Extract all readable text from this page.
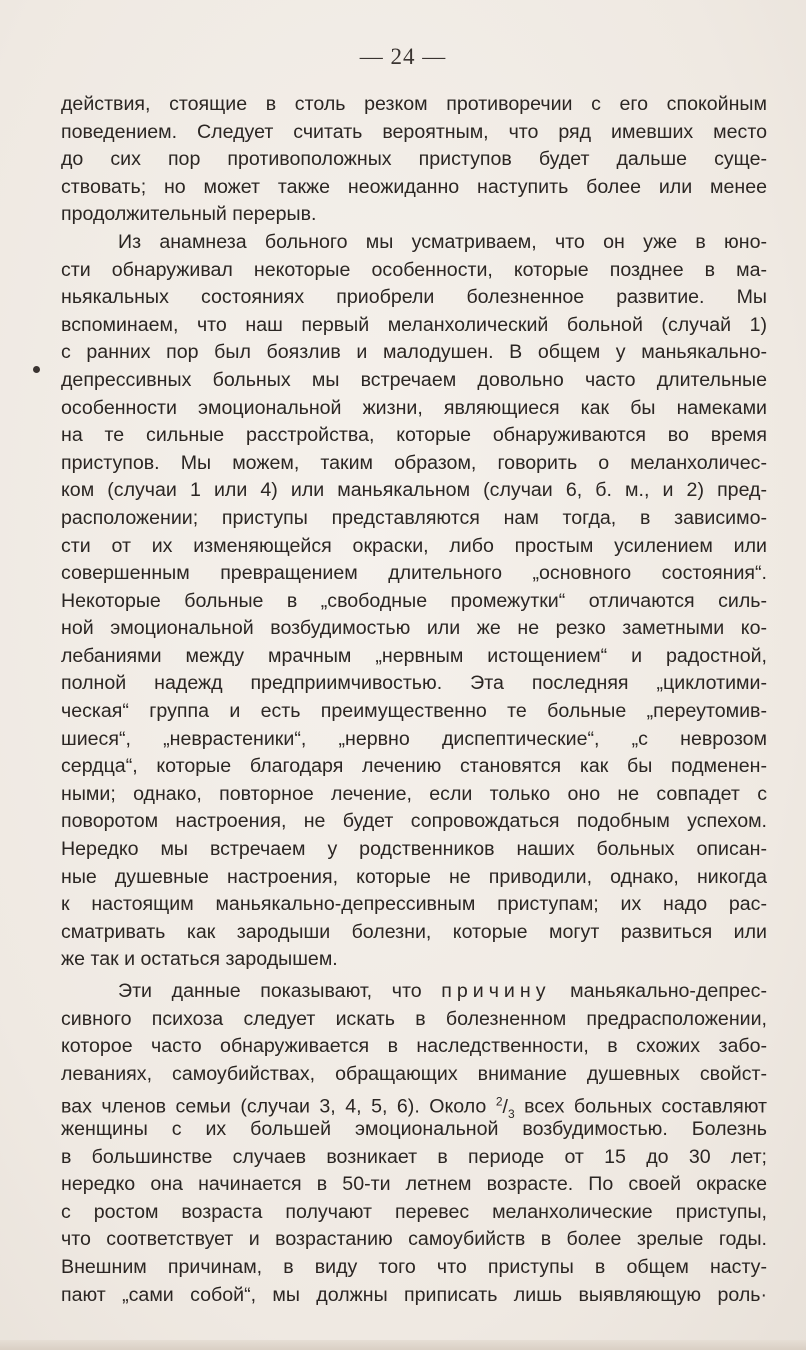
— 24 —
действия, стоящие в столь резком противоречии с его спокойным
поведением. Следует считать вероятным, что ряд имевших место
до сих пор противоположных приступов будет дальше суще-
ствовать; но может также неожиданно наступить более или менее
продолжительный перерыв.
Из анамнеза больного мы усматриваем, что он уже в юно-
сти обнаруживал некоторые особенности, которые позднее в ма-
ньякальных состояниях приобрели болезненное развитие. Мы
вспоминаем, что наш первый меланхолический больной (случай 1)
с ранних пор был боязлив и малодушен. В общем у маньякально-
депрессивных больных мы встречаем довольно часто длительные
особенности эмоциональной жизни, являющиеся как бы намеками
на те сильные расстройства, которые обнаруживаются во время
приступов. Мы можем, таким образом, говорить о меланхоличес-
ком (случаи 1 или 4) или маньякальном (случаи 6, б. м., и 2) пред-
расположении; приступы представляются нам тогда, в зависимо-
сти от их изменяющейся окраски, либо простым усилением или
совершенным превращением длительного „основного состояния“.
Некоторые больные в „свободные промежутки“ отличаются силь-
ной эмоциональной возбудимостью или же не резко заметными ко-
лебаниями между мрачным „нервным истощением“ и радостной,
полной надежд предприимчивостью. Эта последняя „циклотими-
ческая“ группа и есть преимущественно те больные „переутомив-
шиеся“, „неврастеники“, „нервно диспептические“, „с неврозом
сердца“, которые благодаря лечению становятся как бы подменен-
ными; однако, повторное лечение, если только оно не совпадет с
поворотом настроения, не будет сопровождаться подобным успехом.
Нередко мы встречаем у родственников наших больных описан-
ные душевные настроения, которые не приводили, однако, никогда
к настоящим маньякально-депрессивным приступам; их надо рас-
сматривать как зародыши болезни, которые могут развиться или
же так и остаться зародышем.
Эти данные показывают, что причину маньякально-депрес-
сивного психоза следует искать в болезненном предрасположении,
которое часто обнаруживается в наследственности, в схожих забо-
леваниях, самоубийствах, обращающих внимание душевных свойст-
вах членов семьи (случаи 3, 4, 5, 6). Около $^2/_3$ всех больных составляют
женщины с их большей эмоциональной возбудимостью. Болезнь
в большинстве случаев возникает в периоде от 15 до 30 лет;
нередко она начинается в 50-ти летнем возрасте. По своей окраске
с ростом возраста получают перевес меланхолические приступы,
что соответствует и возрастанию самоубийств в более зрелые годы.
Внешним причинам, в виду того что приступы в общем насту-
пают „сами собой“, мы должны приписать лишь выявляющую роль·
